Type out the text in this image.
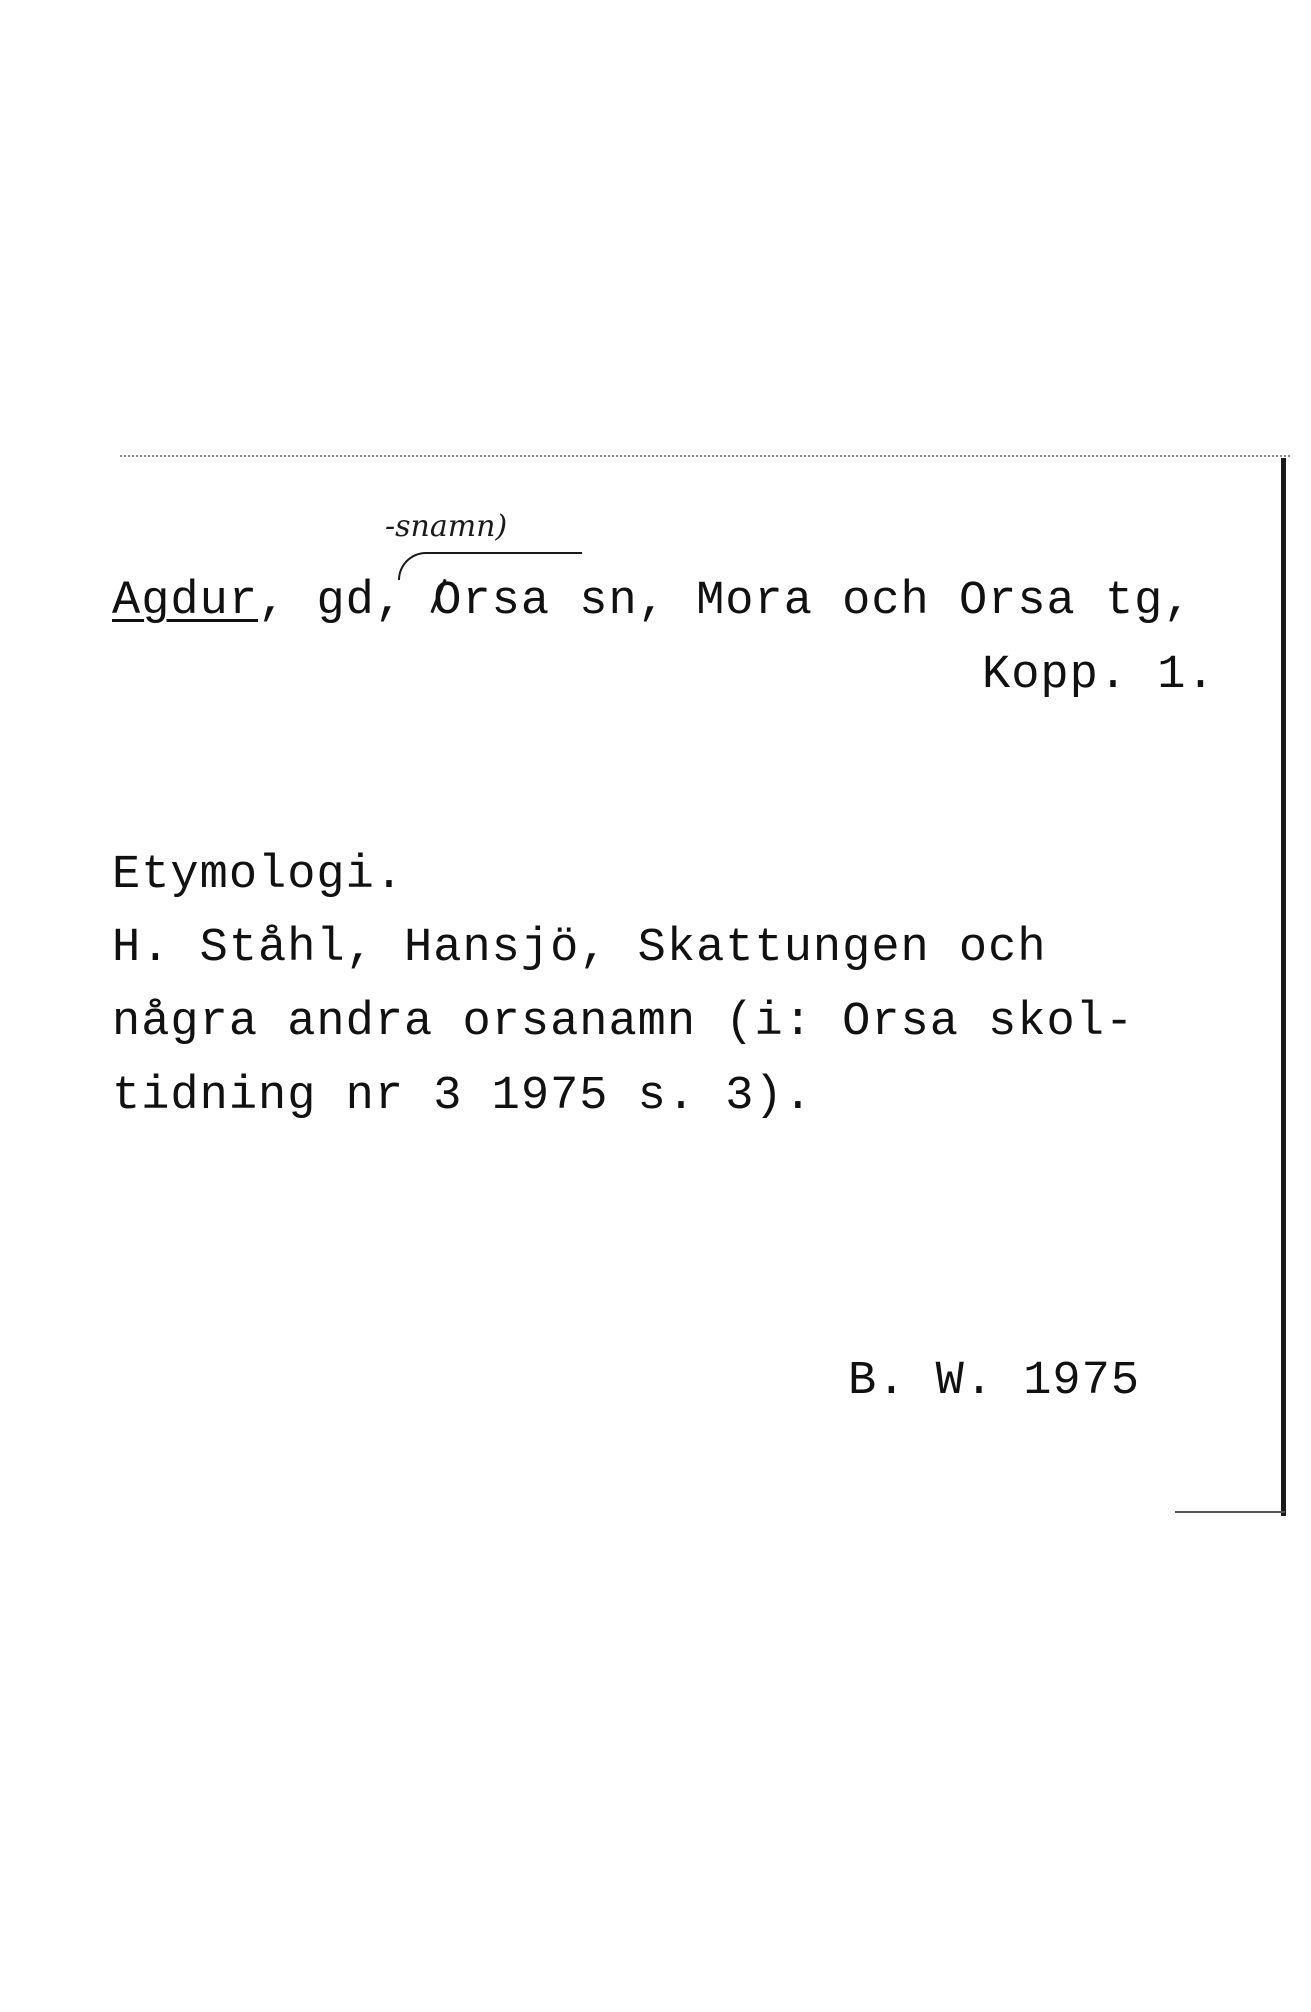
-snamn)
Agdur, gd, Orsa sn, Mora och Orsa tg,
Kopp. 1.
Etymologi.
H. Ståhl, Hansjö, Skattungen och
några andra orsanamn (i: Orsa skol-
tidning nr 3 1975 s. 3).
B. W. 1975
